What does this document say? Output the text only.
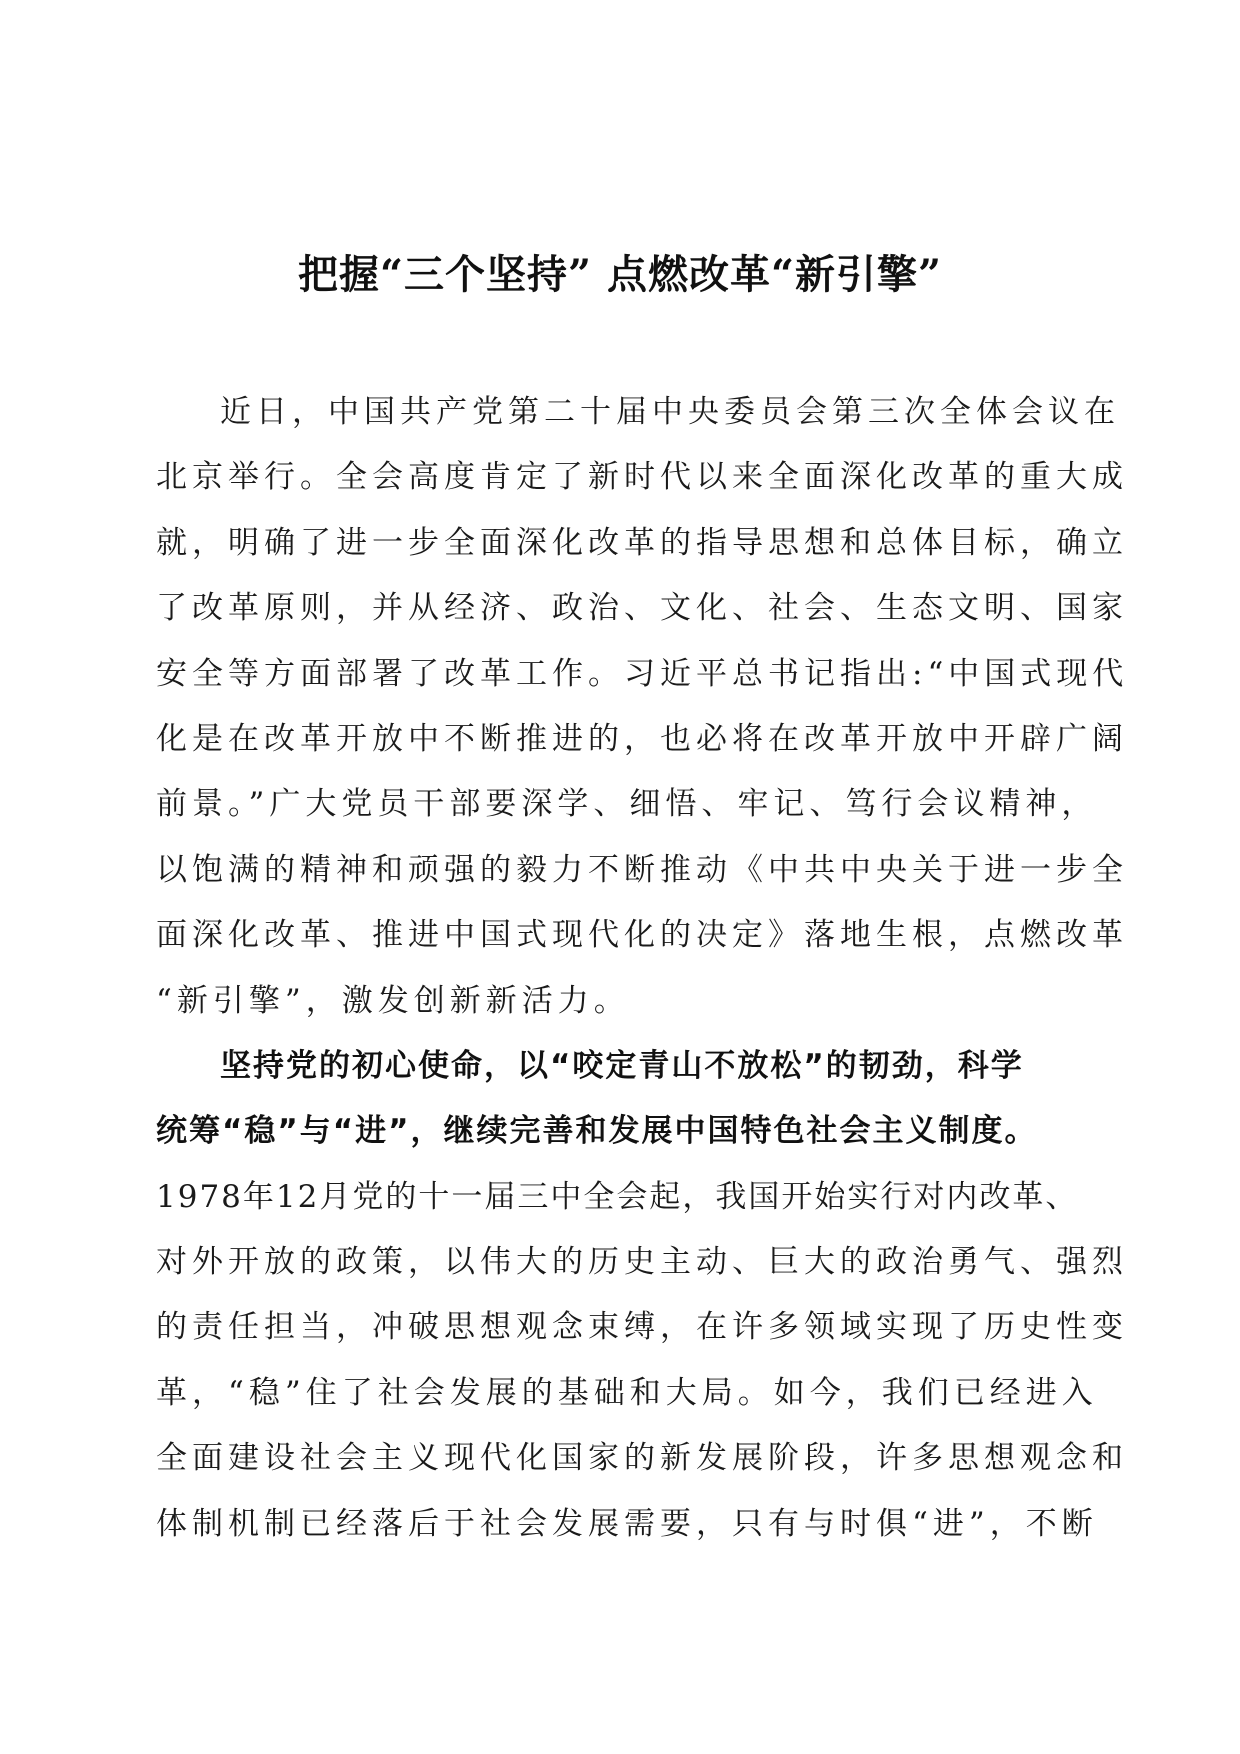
把握“三个坚持” 点燃改革“新引擎”
近日，中国共产党第二十届中央委员会第三次全体会议在
北京举行。全会高度肯定了新时代以来全面深化改革的重大成
就，明确了进一步全面深化改革的指导思想和总体目标，确立
了改革原则，并从经济、政治、文化、社会、生态文明、国家
安全等方面部署了改革工作。习近平总书记指出:“中国式现代
化是在改革开放中不断推进的，也必将在改革开放中开辟广阔
前景。”广大党员干部要深学、细悟、牢记、笃行会议精神，
以饱满的精神和顽强的毅力不断推动《中共中央关于进一步全
面深化改革、推进中国式现代化的决定》落地生根，点燃改革
“新引擎”，激发创新新活力。
坚持党的初心使命，以“咬定青山不放松”的韧劲，科学
统筹“稳”与“进”，继续完善和发展中国特色社会主义制度。
1978年12月党的十一届三中全会起，我国开始实行对内改革、
对外开放的政策，以伟大的历史主动、巨大的政治勇气、强烈
的责任担当，冲破思想观念束缚，在许多领域实现了历史性变
革，“稳”住了社会发展的基础和大局。如今，我们已经进入
全面建设社会主义现代化国家的新发展阶段，许多思想观念和
体制机制已经落后于社会发展需要，只有与时俱“进”，不断
